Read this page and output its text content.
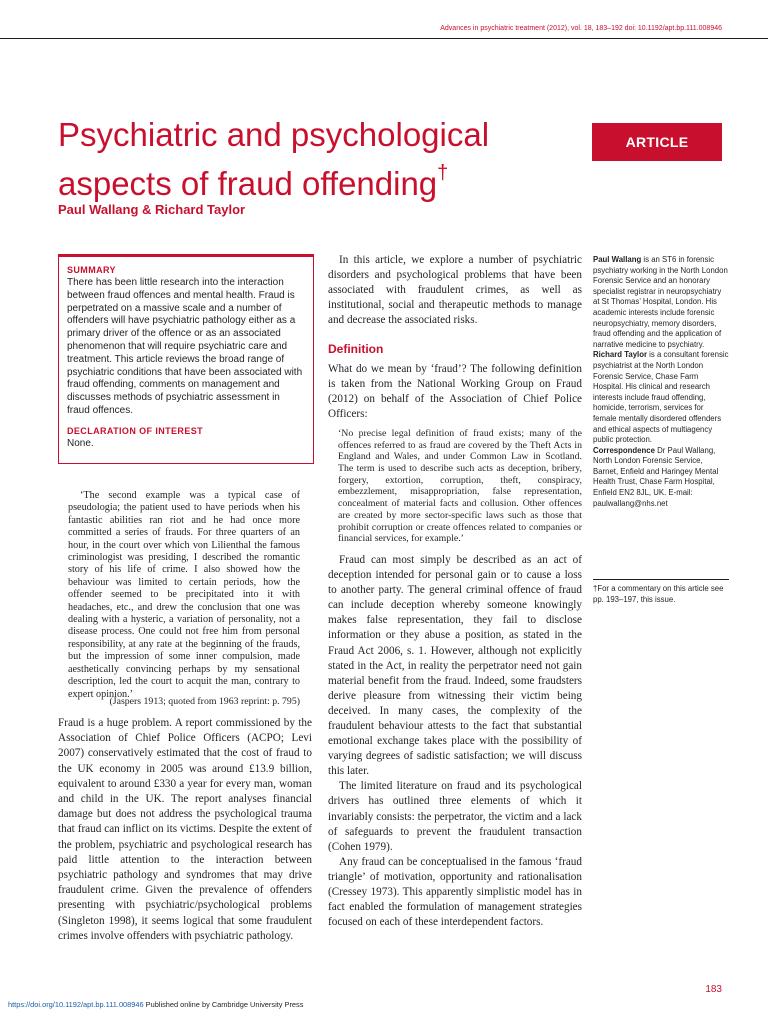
Advances in psychiatric treatment (2012), vol. 18, 183–192 doi: 10.1192/apt.bp.111.008946
ARTICLE
Psychiatric and psychological aspects of fraud offending†
Paul Wallang & Richard Taylor

SUMMARY

There has been little research into the interaction between fraud offences and mental health. Fraud is perpetrated on a massive scale and a number of offenders will have psychiatric pathology either as a primary driver of the offence or as an associated phenomenon that will require psychiatric care and treatment. This article reviews the broad range of psychiatric conditions that have been associated with fraud offending, comments on management and discusses methods of psychiatric assessment in fraud offences.

DECLARATION OF INTEREST

None.

‘The second example was a typical case of pseudologia; the patient used to have periods when his fantastic abilities ran riot and he had once more committed a series of frauds. For three quarters of an hour, in the court over which von Lilienthal the famous criminologist was presiding, I described the romantic story of his life of crime. I also showed how the behaviour was limited to certain periods, how the offender seemed to be precipitated into it with headaches, etc., and drew the conclusion that one was dealing with a hysteric, a variation of personality, not a disease process. One could not free him from personal responsibility, at any rate at the beginning of the frauds, but the impression of some inner compulsion, made aesthetically convincing perhaps by my sensational description, led the court to acquit the man, contrary to expert opinion.’

(Jaspers 1913; quoted from 1963 reprint: p. 795)

Fraud is a huge problem. A report commissioned by the Association of Chief Police Officers (ACPO; Levi 2007) conservatively estimated that the cost of fraud to the UK economy in 2005 was around £13.9 billion, equivalent to around £330 a year for every man, woman and child in the UK. The report analyses financial damage but does not address the psychological trauma that fraud can inflict on its victims. Despite the extent of the problem, psychiatric and psychological research has paid little attention to the interaction between psychiatric pathology and syndromes that may drive fraudulent crime. Given the prevalence of offenders presenting with psychiatric/psychological problems (Singleton 1998), it seems logical that some fraudulent crimes involve offenders with psychiatric pathology.

In this article, we explore a number of psychiatric disorders and psychological problems that have been associated with fraudulent crimes, as well as institutional, social and therapeutic methods to manage and decrease the associated risks.

Definition

What do we mean by ‘fraud’? The following definition is taken from the National Working Group on Fraud (2012) on behalf of the Association of Chief Police Officers:

‘No precise legal definition of fraud exists; many of the offences referred to as fraud are covered by the Theft Acts in England and Wales, and under Common Law in Scotland. The term is used to describe such acts as deception, bribery, forgery, extortion, corruption, theft, conspiracy, embezzlement, misappropriation, false representation, concealment of material facts and collusion. Other offences are created by more sector-specific laws such as those that prohibit corruption or create offences related to companies or financial services, for example.’

Fraud can most simply be described as an act of deception intended for personal gain or to cause a loss to another party. The general criminal offence of fraud can include deception whereby someone knowingly makes false representation, they fail to disclose information or they abuse a position, as stated in the Fraud Act 2006, s. 1. However, although not explicitly stated in the Act, in reality the perpetrator need not gain material benefit from the fraud. Indeed, some fraudsters derive pleasure from witnessing their victim being deceived. In many cases, the complexity of the fraudulent behaviour attests to the fact that substantial emotional exchange takes place with the possibility of varying degrees of sadistic satisfaction; we will discuss this later.

The limited literature on fraud and its psychological drivers has outlined three elements of which it invariably consists: the perpetrator, the victim and a lack of safeguards to prevent the fraudulent transaction (Cohen 1979).

Any fraud can be conceptualised in the famous ‘fraud triangle’ of motivation, opportunity and rationalisation (Cressey 1973). This apparently simplistic model has in fact enabled the formulation of management strategies focused on each of these interdependent factors.

Paul Wallang is an ST6 in forensic psychiatry working in the North London Forensic Service and an honorary specialist registrar in neuropsychiatry at St Thomas’ Hospital, London. His academic interests include forensic neuropsychiatry, memory disorders, fraud offending and the application of narrative medicine to psychiatry.

Richard Taylor is a consultant forensic psychiatrist at the North London Forensic Service, Chase Farm Hospital. His clinical and research interests include fraud offending, homicide, terrorism, services for female mentally disordered offenders and ethical aspects of multiagency public protection.

Correspondence Dr Paul Wallang, North London Forensic Service, Barnet, Enfield and Haringey Mental Health Trust, Chase Farm Hospital, Enfield EN2 8JL, UK. E-mail: paulwallang@nhs.net

†For a commentary on this article see pp. 193–197, this issue.
183
https://doi.org/10.1192/apt.bp.111.008946 Published online by Cambridge University Press
